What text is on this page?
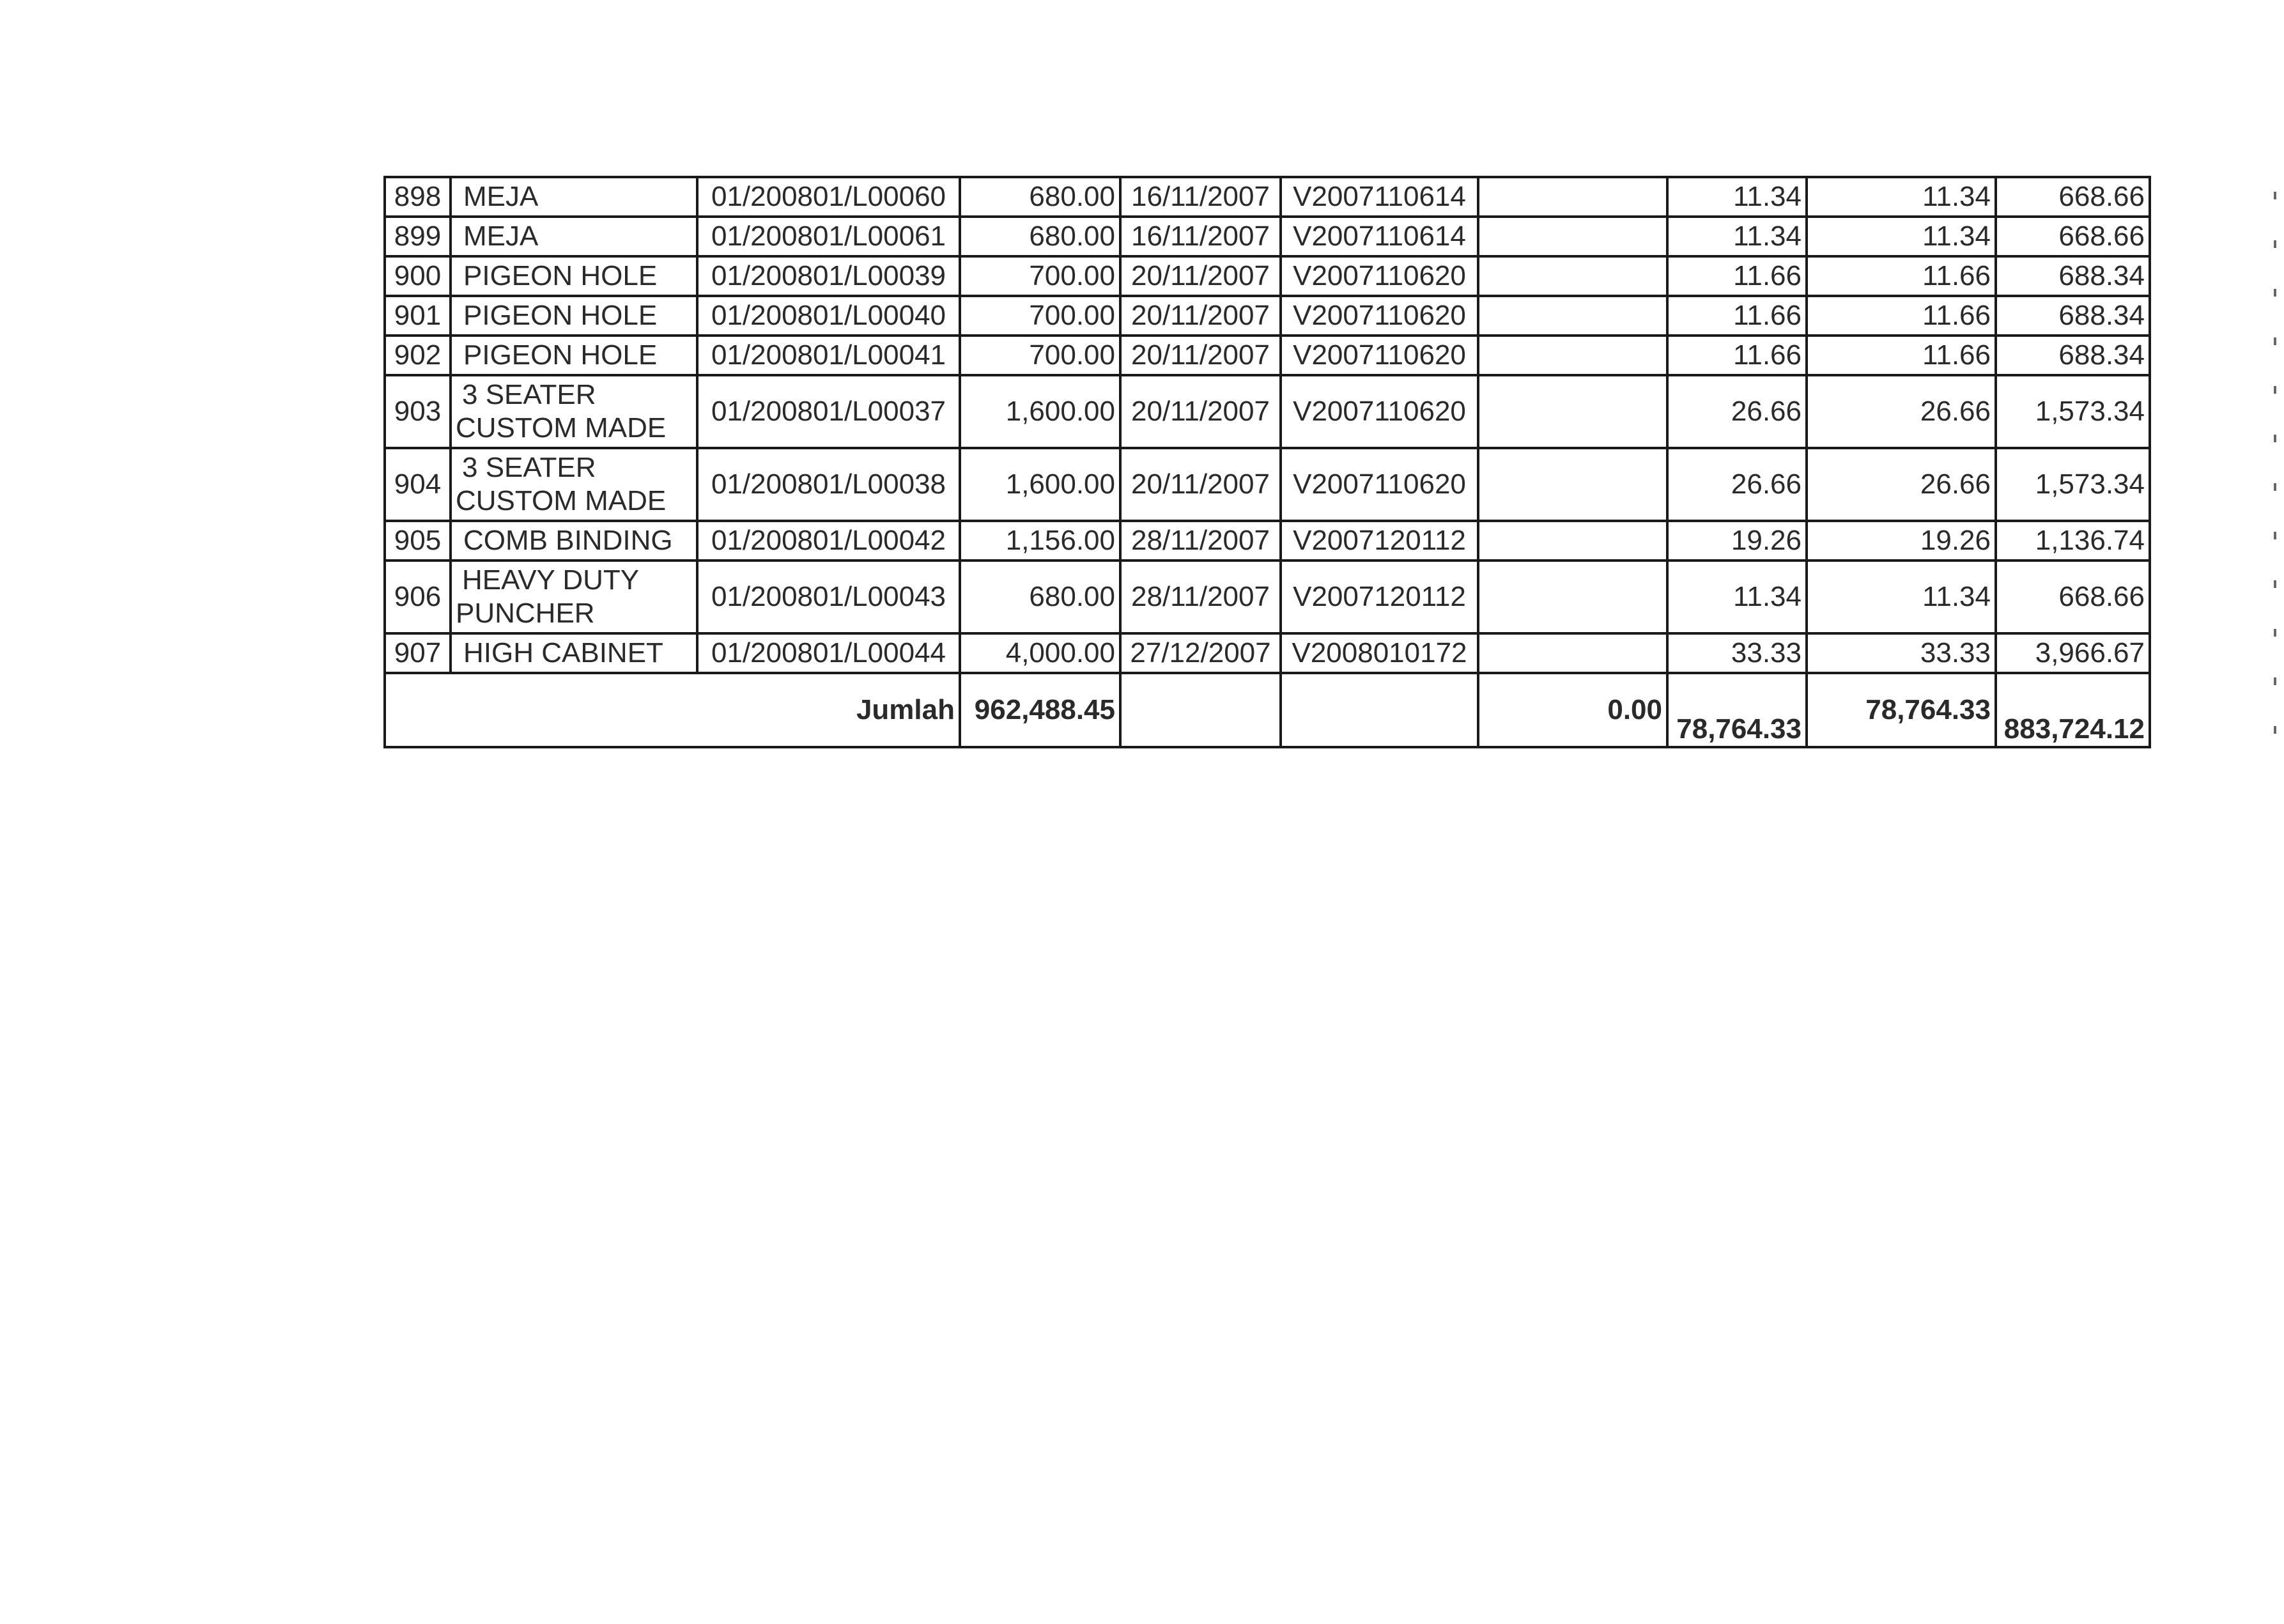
898	MEJA	01/200801/L00060	680.00	16/11/2007	V2007110614		11.34	11.34	668.66
899	MEJA	01/200801/L00061	680.00	16/11/2007	V2007110614		11.34	11.34	668.66
900	PIGEON HOLE	01/200801/L00039	700.00	20/11/2007	V2007110620		11.66	11.66	688.34
901	PIGEON HOLE	01/200801/L00040	700.00	20/11/2007	V2007110620		11.66	11.66	688.34
902	PIGEON HOLE	01/200801/L00041	700.00	20/11/2007	V2007110620		11.66	11.66	688.34
903	3 SEATER
CUSTOM MADE	01/200801/L00037	1,600.00	20/11/2007	V2007110620		26.66	26.66	1,573.34
904	3 SEATER
CUSTOM MADE	01/200801/L00038	1,600.00	20/11/2007	V2007110620		26.66	26.66	1,573.34
905	COMB BINDING	01/200801/L00042	1,156.00	28/11/2007	V2007120112		19.26	19.26	1,136.74
906	HEAVY DUTY
PUNCHER	01/200801/L00043	680.00	28/11/2007	V2007120112		11.34	11.34	668.66
907	HIGH CABINET	01/200801/L00044	4,000.00	27/12/2007	V2008010172		33.33	33.33	3,966.67
Jumlah			962,488.45			0.00	78,764.33	78,764.33	883,724.12
